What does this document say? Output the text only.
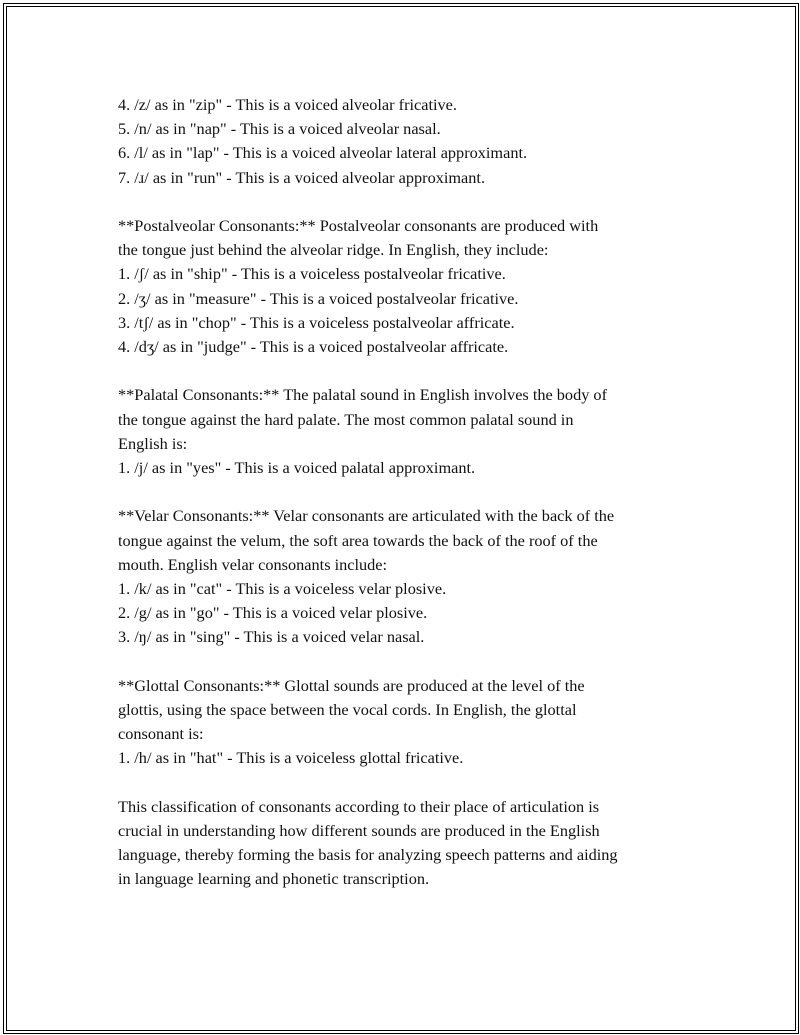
4. /z/ as in "zip" - This is a voiced alveolar fricative.
5. /n/ as in "nap" - This is a voiced alveolar nasal.
6. /l/ as in "lap" - This is a voiced alveolar lateral approximant.
7. /ɹ/ as in "run" - This is a voiced alveolar approximant.
**Postalveolar Consonants:** Postalveolar consonants are produced with
the tongue just behind the alveolar ridge. In English, they include:
1. /ʃ/ as in "ship" - This is a voiceless postalveolar fricative.
2. /ʒ/ as in "measure" - This is a voiced postalveolar fricative.
3. /tʃ/ as in "chop" - This is a voiceless postalveolar affricate.
4. /dʒ/ as in "judge" - This is a voiced postalveolar affricate.
**Palatal Consonants:** The palatal sound in English involves the body of
the tongue against the hard palate. The most common palatal sound in
English is:
1. /j/ as in "yes" - This is a voiced palatal approximant.
**Velar Consonants:** Velar consonants are articulated with the back of the
tongue against the velum, the soft area towards the back of the roof of the
mouth. English velar consonants include:
1. /k/ as in "cat" - This is a voiceless velar plosive.
2. /g/ as in "go" - This is a voiced velar plosive.
3. /ŋ/ as in "sing" - This is a voiced velar nasal.
**Glottal Consonants:** Glottal sounds are produced at the level of the
glottis, using the space between the vocal cords. In English, the glottal
consonant is:
1. /h/ as in "hat" - This is a voiceless glottal fricative.
This classification of consonants according to their place of articulation is
crucial in understanding how different sounds are produced in the English
language, thereby forming the basis for analyzing speech patterns and aiding
in language learning and phonetic transcription.
